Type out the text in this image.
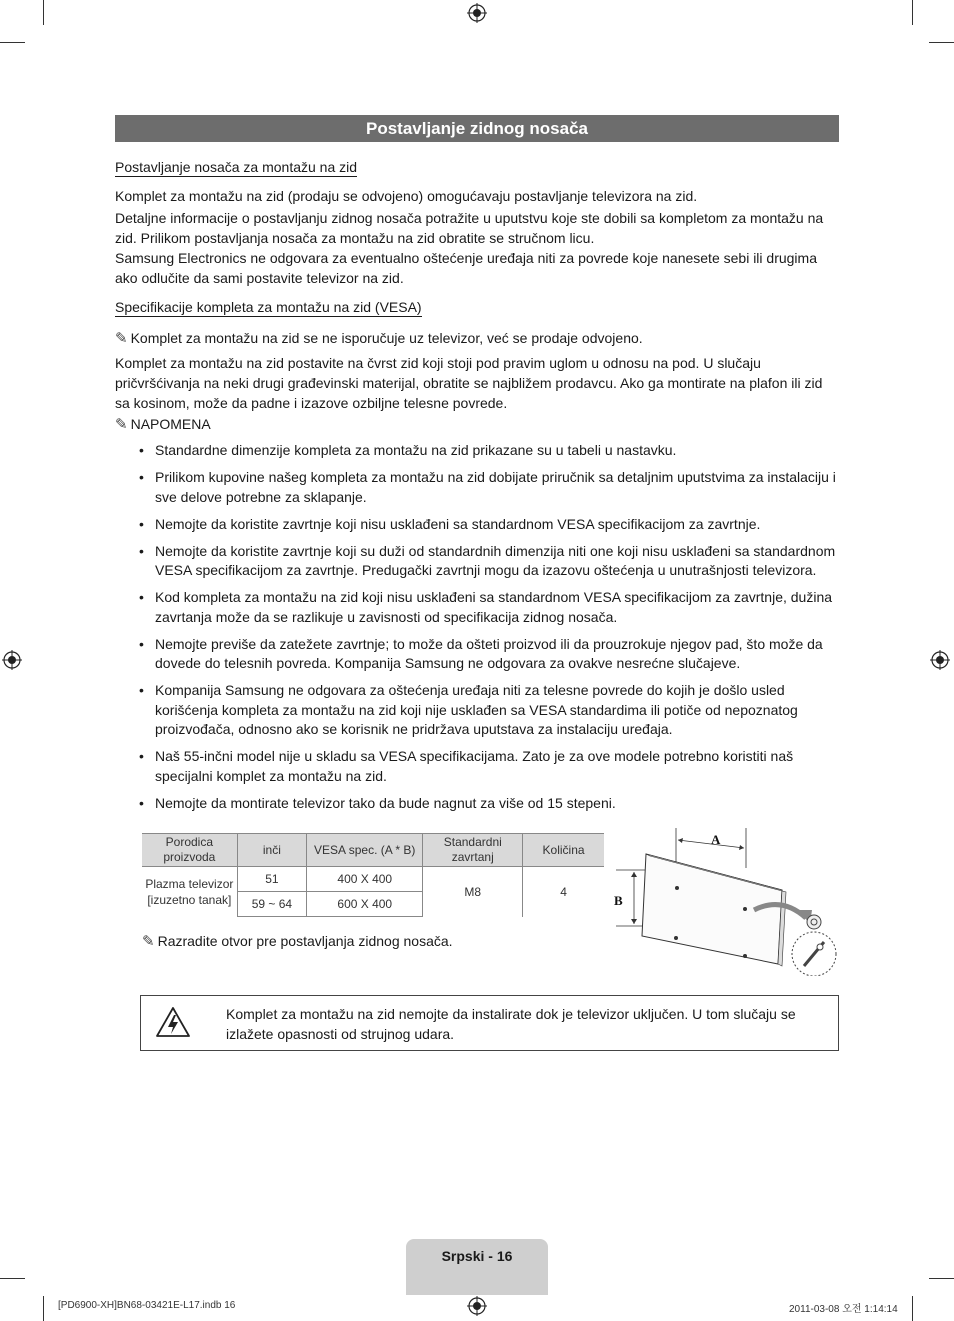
Postavljanje zidnog nosača
Postavljanje nosača za montažu na zid

Komplet za montažu na zid (prodaju se odvojeno) omogućavaju postavljanje televizora na zid.

Detaljne informacije o postavljanju zidnog nosača potražite u uputstvu koje ste dobili sa kompletom za montažu na zid. Prilikom postavljanja nosača za montažu na zid obratite se stručnom licu.

Samsung Electronics ne odgovara za eventualno oštećenje uređaja niti za povrede koje nanesete sebi ili drugima ako odlučite da sami postavite televizor na zid.

Specifikacije kompleta za montažu na zid (VESA)
✎ Komplet za montažu na zid se ne isporučuje uz televizor, već se prodaje odvojeno.

Komplet za montažu na zid postavite na čvrst zid koji stoji pod pravim uglom u odnosu na pod. U slučaju pričvršćivanja na neki drugi građevinski materijal, obratite se najbližem prodavcu. Ako ga montirate na plafon ili zid sa kosinom, može da padne i izazove ozbiljne telesne povrede.

✎ NAPOMENA
• Standardne dimenzije kompleta za montažu na zid prikazane su u tabeli u nastavku.
• Prilikom kupovine našeg kompleta za montažu na zid dobijate priručnik sa detaljnim uputstvima za instalaciju i sve delove potrebne za sklapanje.
• Nemojte da koristite zavrtnje koji nisu usklađeni sa standardnom VESA specifikacijom za zavrtnje.
• Nemojte da koristite zavrtnje koji su duži od standardnih dimenzija niti one koji nisu usklađeni sa standardnom VESA specifikacijom za zavrtnje. Predugački zavrtnji mogu da izazovu oštećenja u unutrašnjosti televizora.
• Kod kompleta za montažu na zid koji nisu usklađeni sa standardnom VESA specifikacijom za zavrtnje, dužina zavrtanja može da se razlikuje u zavisnosti od specifikacija zidnog nosača.
• Nemojte previše da zatežete zavrtnje; to može da ošteti proizvod ili da prouzrokuje njegov pad, što može da dovede do telesnih povreda. Kompanija Samsung ne odgovara za ovakve nesrećne slučajeve.
• Kompanija Samsung ne odgovara za oštećenja uređaja niti za telesne povrede do kojih je došlo usled korišćenja kompleta za montažu na zid koji nije usklađen sa VESA standardima ili potiče od nepoznatog proizvođača, odnosno ako se korisnik ne pridržava uputstava za instalaciju uređaja.
• Naš 55-inčni model nije u skladu sa VESA specifikacijama. Zato je za ove modele potrebno koristiti naš specijalni komplet za montažu na zid.
• Nemojte da montirate televizor tako da bude nagnut za više od 15 stepeni.
Porodica proizvoda	inči	VESA spec. (A * B)	Standardni zavrtanj	Količina
Plazma televizor [izuzetno tanak]	51	400 X 400	M8	4
	59 ~ 64	600 X 400		
✎ Razradite otvor pre postavljanja zidnog nosača.
A
B
Komplet za montažu na zid nemojte da instalirate dok je televizor uključen. U tom slučaju se izlažete opasnosti od strujnog udara.
Srpski - 16
[PD6900-XH]BN68-03421E-L17.indb 16	2011-03-08 오전 1:14:14
